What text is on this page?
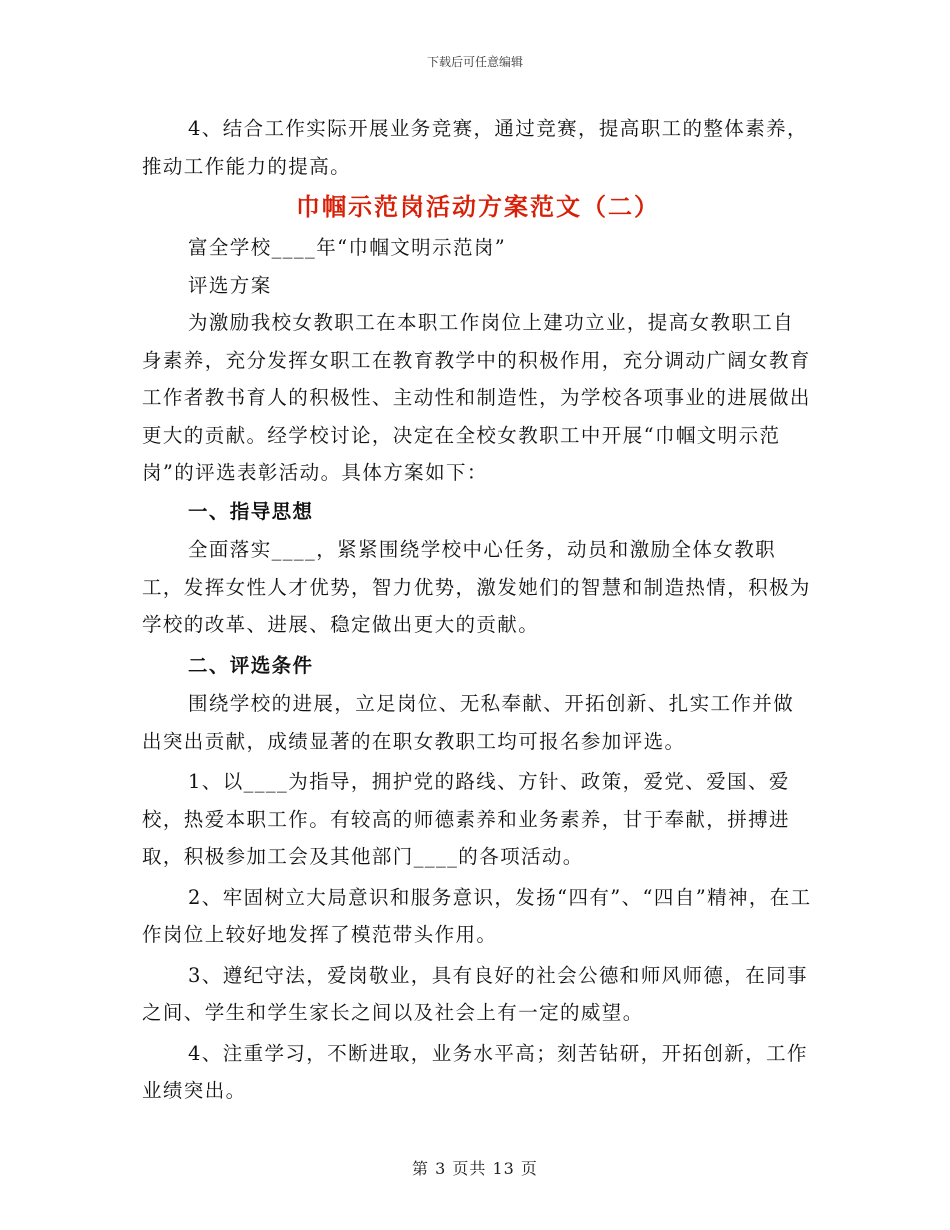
下载后可任意编辑

4、结合工作实际开展业务竞赛，通过竞赛，提高职工的整体素养，推动工作能力的提高。

巾帼示范岗活动方案范文（二）

富全学校____年“巾帼文明示范岗”

评选方案

为激励我校女教职工在本职工作岗位上建功立业，提高女教职工自身素养，充分发挥女职工在教育教学中的积极作用，充分调动广阔女教育工作者教书育人的积极性、主动性和制造性，为学校各项事业的进展做出更大的贡献。经学校讨论，决定在全校女教职工中开展“巾帼文明示范岗”的评选表彰活动。具体方案如下：

一、指导思想

全面落实____，紧紧围绕学校中心任务，动员和激励全体女教职工，发挥女性人才优势，智力优势，激发她们的智慧和制造热情，积极为学校的改革、进展、稳定做出更大的贡献。

二、评选条件

围绕学校的进展，立足岗位、无私奉献、开拓创新、扎实工作并做出突出贡献，成绩显著的在职女教职工均可报名参加评选。

1、以____为指导，拥护党的路线、方针、政策，爱党、爱国、爱校，热爱本职工作。有较高的师德素养和业务素养，甘于奉献，拼搏进取，积极参加工会及其他部门____的各项活动。

2、牢固树立大局意识和服务意识，发扬“四有”、“四自”精神，在工作岗位上较好地发挥了模范带头作用。

3、遵纪守法，爱岗敬业，具有良好的社会公德和师风师德，在同事之间、学生和学生家长之间以及社会上有一定的威望。

4、注重学习，不断进取，业务水平高；刻苦钻研，开拓创新，工作业绩突出。

第 3 页共 13 页
